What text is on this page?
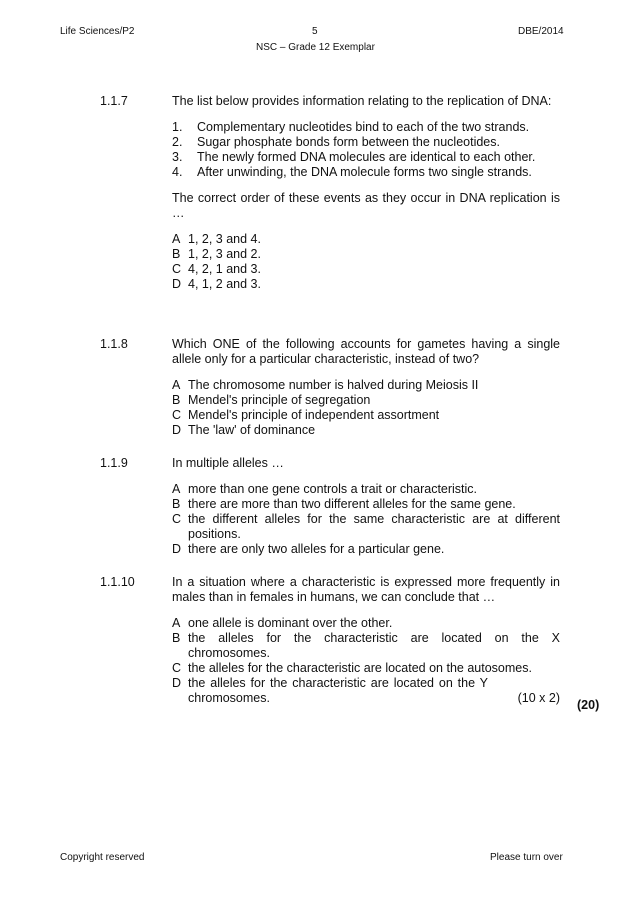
Life Sciences/P2	5	DBE/2014
NSC – Grade 12 Exemplar
1.1.7	The list below provides information relating to the replication of DNA:
1.	Complementary nucleotides bind to each of the two strands.
2.	Sugar phosphate bonds form between the nucleotides.
3.	The newly formed DNA molecules are identical to each other.
4.	After unwinding, the DNA molecule forms two single strands.
The correct order of these events as they occur in DNA replication is …
A 1, 2, 3 and 4.
B 1, 2, 3 and 2.
C 4, 2, 1 and 3.
D 4, 1, 2 and 3.
1.1.8	Which ONE of the following accounts for gametes having a single allele only for a particular characteristic, instead of two?
A The chromosome number is halved during Meiosis II
B Mendel's principle of segregation
C Mendel's principle of independent assortment
D The 'law' of dominance
1.1.9	In multiple alleles …
A more than one gene controls a trait or characteristic.
B there are more than two different alleles for the same gene.
C the different alleles for the same characteristic are at different positions.
D there are only two alleles for a particular gene.
1.1.10	In a situation where a characteristic is expressed more frequently in males than in females in humans, we can conclude that …
A one allele is dominant over the other.
B the alleles for the characteristic are located on the X chromosomes.
C the alleles for the characteristic are located on the autosomes.
D the alleles for the characteristic are located on the Y chromosomes.	(10 x 2) (20)
Copyright reserved	Please turn over
